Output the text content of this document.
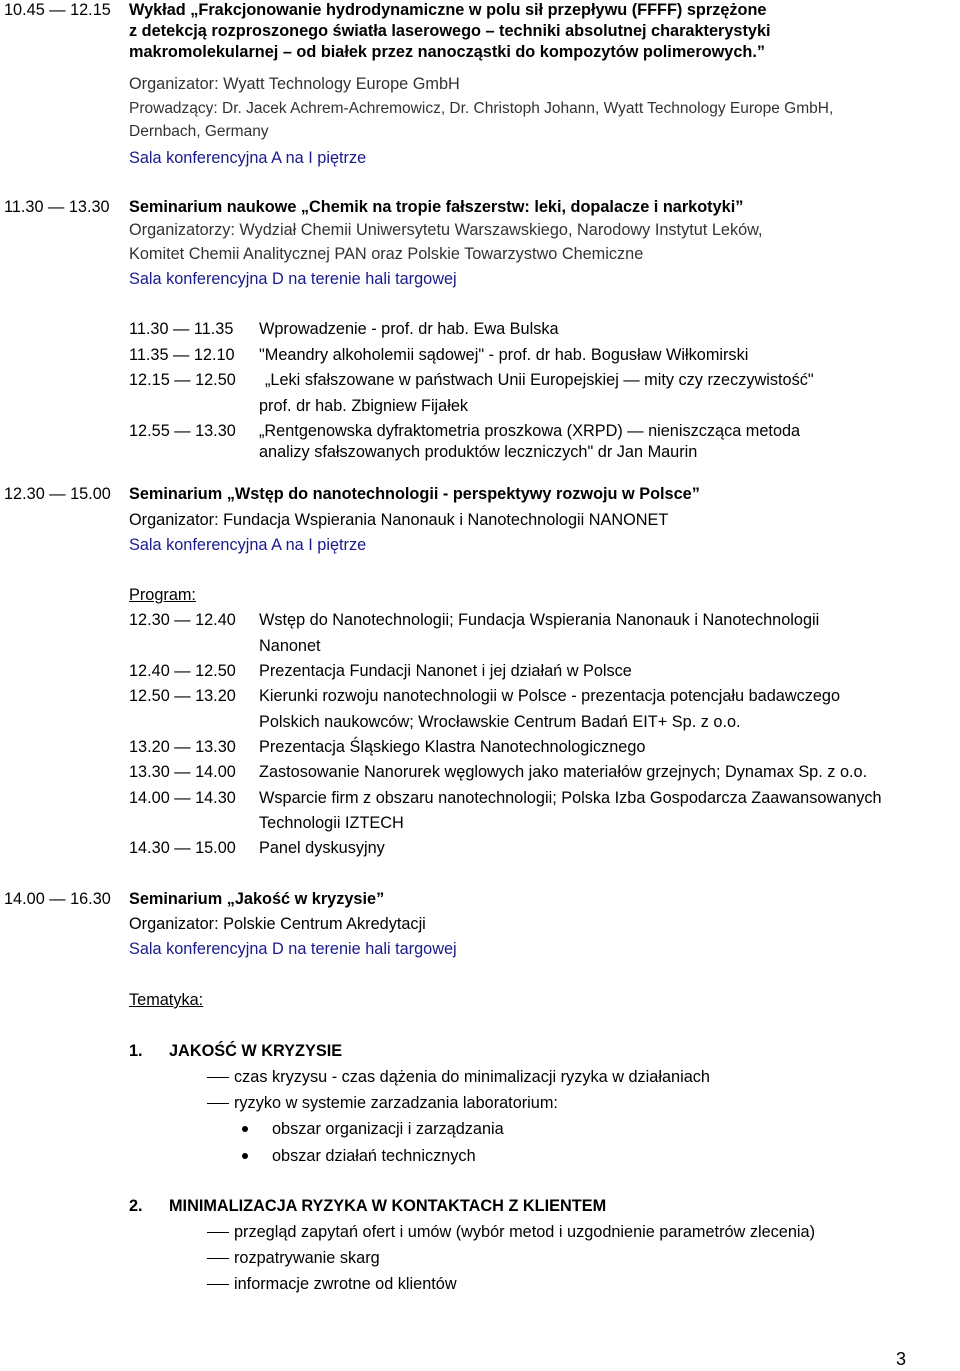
10.45 — 12.15 Wykład „Frakcjonowanie hydrodynamiczne w polu sił przepływu (FFFF) sprzężone
z detekcją rozproszonego światła laserowego – techniki absolutnej charakterystyki
makromolekularnej – od białek przez nanocząstki do kompozytów polimerowych.”
Organizator: Wyatt Technology Europe GmbH
Prowadzący: Dr. Jacek Achrem-Achremowicz, Dr. Christoph Johann, Wyatt Technology Europe GmbH,
Dernbach, Germany
Sala konferencyjna A na I piętrze
11.30 — 13.30 Seminarium naukowe „Chemik na tropie fałszerstw: leki, dopalacze i narkotyki”
Organizatorzy: Wydział Chemii Uniwersytetu Warszawskiego, Narodowy Instytut Leków,
Komitet Chemii Analitycznej PAN oraz Polskie Towarzystwo Chemiczne
Sala konferencyjna D na terenie hali targowej
11.30 — 11.35 Wprowadzenie - prof. dr hab. Ewa Bulska
11.35 — 12.10 "Meandry alkoholemii sądowej" - prof. dr hab. Bogusław Wiłkomirski
12.15 — 12.50 „Leki sfałszowane w państwach Unii Europejskiej — mity czy rzeczywistość"
prof. dr hab. Zbigniew Fijałek
12.55 — 13.30 „Rentgenowska dyfraktometria proszkowa (XRPD) — nieniszcząca metoda
analizy sfałszowanych produktów leczniczych" dr Jan Maurin
12.30 — 15.00 Seminarium „Wstęp do nanotechnologii - perspektywy rozwoju w Polsce”
Organizator: Fundacja Wspierania Nanonauk i Nanotechnologii NANONET
Sala konferencyjna A na I piętrze
Program:
12.30 — 12.40 Wstęp do Nanotechnologii; Fundacja Wspierania Nanonauk i Nanotechnologii
Nanonet
12.40 — 12.50 Prezentacja Fundacji Nanonet i jej działań w Polsce
12.50 — 13.20 Kierunki rozwoju nanotechnologii w Polsce - prezentacja potencjału badawczego
Polskich naukowców; Wrocławskie Centrum Badań EIT+ Sp. z o.o.
13.20 — 13.30 Prezentacja Śląskiego Klastra Nanotechnologicznego
13.30 — 14.00 Zastosowanie Nanorurek węglowych jako materiałów grzejnych; Dynamax Sp. z o.o.
14.00 — 14.30 Wsparcie firm z obszaru nanotechnologii; Polska Izba Gospodarcza Zaawansowanych
Technologii IZTECH
14.30 — 15.00 Panel dyskusyjny
14.00 — 16.30 Seminarium „Jakość w kryzysie”
Organizator: Polskie Centrum Akredytacji
Sala konferencyjna D na terenie hali targowej
Tematyka:
1. JAKOŚĆ W KRYZYSIE
czas kryzysu - czas dążenia do minimalizacji ryzyka w działaniach
ryzyko w systemie zarzadzania laboratorium:
obszar organizacji i zarządzania
obszar działań technicznych
2. MINIMALIZACJA RYZYKA W KONTAKTACH Z KLIENTEM
przegląd zapytań ofert i umów (wybór metod i uzgodnienie parametrów zlecenia)
rozpatrywanie skarg
informacje zwrotne od klientów
3
